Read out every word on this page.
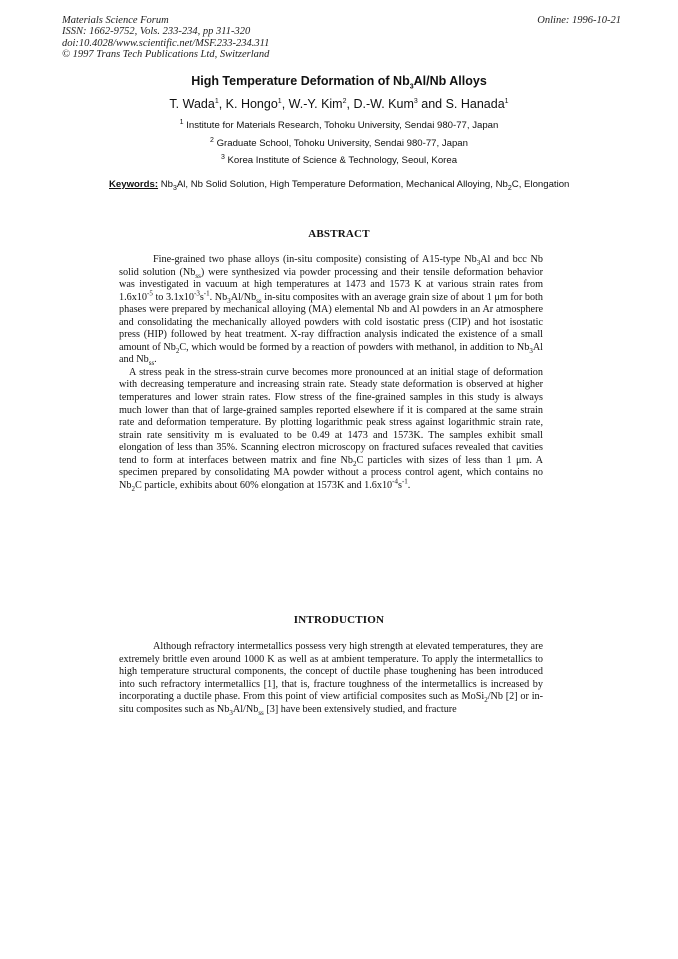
Materials Science Forum
ISSN: 1662-9752, Vols. 233-234, pp 311-320
doi:10.4028/www.scientific.net/MSF.233-234.311
© 1997 Trans Tech Publications Ltd, Switzerland
Online: 1996-10-21
High Temperature Deformation of $Nb_3Al/Nb$ Alloys
T. Wada$^1$, K. Hongo$^1$, W.-Y. Kim$^2$, D.-W. Kum$^3$ and S. Hanada$^1$
$^1$ Institute for Materials Research, Tohoku University, Sendai 980-77, Japan
$^2$ Graduate School, Tohoku University, Sendai 980-77, Japan
$^3$ Korea Institute of Science & Technology, Seoul, Korea
Keywords: $Nb_3Al$, Nb Solid Solution, High Temperature Deformation, Mechanical Alloying, $Nb_2C$, Elongation
ABSTRACT

Fine-grained two phase alloys (in-situ composite) consisting of A15-type $Nb_3Al$ and bcc Nb solid solution $(Nb_{ss})$ were synthesized via powder processing and their tensile deformation behavior was investigated in vacuum at high temperatures at 1473 and 1573 K at various strain rates from $1.6x10^{-5}$ to $3.1x10^{-3}s^{-1}$. $Nb_3Al/Nb_{ss}$ in-situ composites with an average grain size of about 1 μm for both phases were prepared by mechanical alloying (MA) elemental Nb and Al powders in an Ar atmosphere and consolidating the mechanically alloyed powders with cold isostatic press (CIP) and hot isostatic press (HIP) followed by heat treatment. X-ray diffraction analysis indicated the existence of a small amount of $Nb_2C$, which would be formed by a reaction of powders with methanol, in addition to $Nb_3Al$ and $Nb_{ss}$.

A stress peak in the stress-strain curve becomes more pronounced at an initial stage of deformation with decreasing temperature and increasing strain rate. Steady state deformation is observed at higher temperatures and lower strain rates. Flow stress of the fine-grained samples in this study is always much lower than that of large-grained samples reported elsewhere if it is compared at the same strain rate and deformation temperature. By plotting logarithmic peak stress against logarithmic strain rate, strain rate sensitivity m is evaluated to be 0.49 at 1473 and 1573K. The samples exhibit small elongation of less than 35%. Scanning electron microscopy on fractured sufaces revealed that cavities tend to form at interfaces between matrix and fine $Nb_2C$ particles with sizes of less than 1 μm. A specimen prepared by consolidating MA powder without a process control agent, which contains no $Nb_2C$ particle, exhibits about 60% elongation at 1573K and $1.6x10^{-4}s^{-1}$.

INTRODUCTION

Although refractory intermetallics possess very high strength at elevated temperatures, they are extremely brittle even around 1000 K as well as at ambient temperature. To apply the intermetallics to high temperature structural components, the concept of ductile phase toughening has been introduced into such refractory intermetallics [1], that is, fracture toughness of the intermetallics is increased by incorporating a ductile phase. From this point of view artificial composites such as MoSi$_2$/Nb [2] or in-situ composites such as $Nb_3Al/Nb_{ss}$ [3] have been extensively studied, and fracture
